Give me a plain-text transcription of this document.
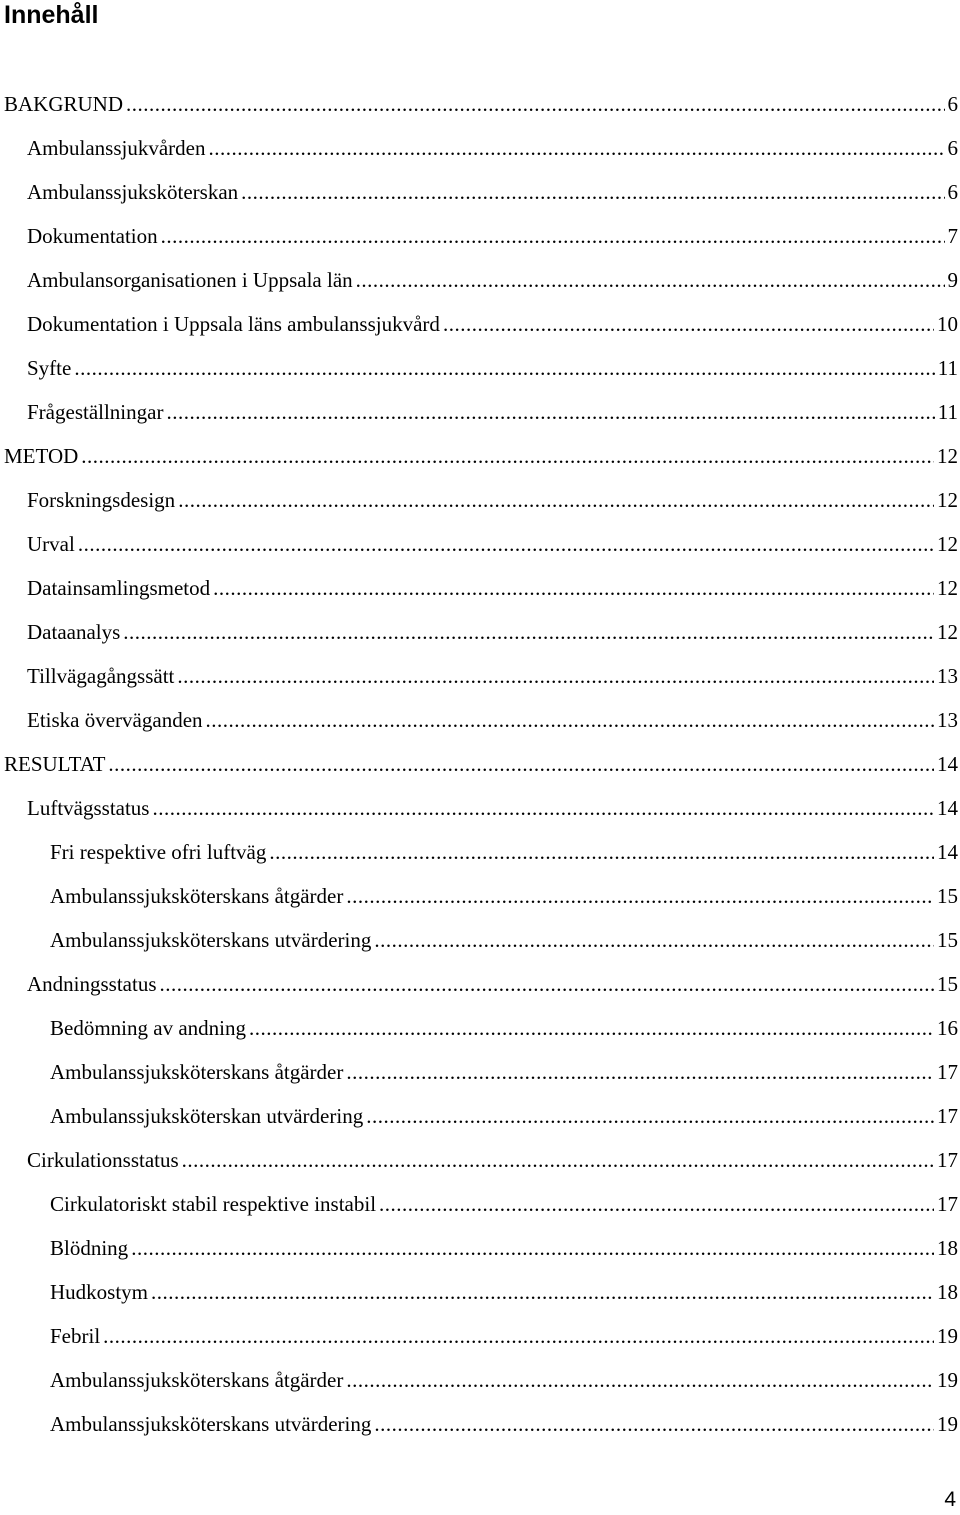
Innehåll
BAKGRUND .....	6
Ambulanssjukvården .....	6
Ambulanssjuksköterskan .....	6
Dokumentation .....	7
Ambulansorganisationen i Uppsala län .....	9
Dokumentation i Uppsala läns ambulanssjukvård .....	10
Syfte .....	11
Frågeställningar .....	11
METOD .....	12
Forskningsdesign .....	12
Urval .....	12
Datainsamlingsmetod .....	12
Dataanalys .....	12
Tillvägagångssätt .....	13
Etiska överväganden .....	13
RESULTAT .....	14
Luftvägsstatus .....	14
Fri respektive ofri luftväg .....	14
Ambulanssjuksköterskans åtgärder .....	15
Ambulanssjuksköterskans utvärdering .....	15
Andningsstatus .....	15
Bedömning av andning .....	16
Ambulanssjuksköterskans åtgärder .....	17
Ambulanssjuksköterskan utvärdering .....	17
Cirkulationsstatus .....	17
Cirkulatoriskt stabil respektive instabil .....	17
Blödning .....	18
Hudkostym .....	18
Febril .....	19
Ambulanssjuksköterskans åtgärder .....	19
Ambulanssjuksköterskans utvärdering .....	19
4
